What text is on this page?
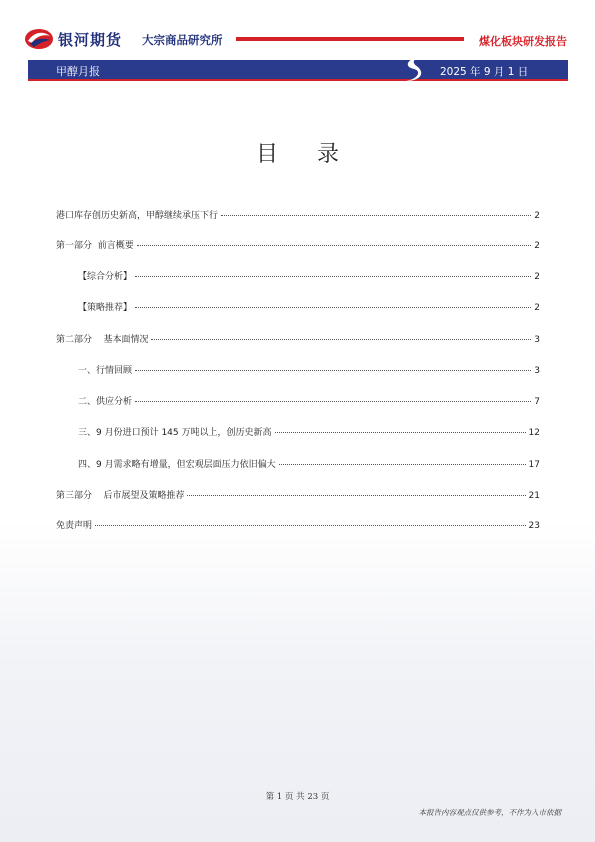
银河期货 大宗商品研究所	煤化板块研发报告
甲醇月报	2025 年 9 月 1 日
目 录
港口库存创历史新高，甲醇继续承压下行	2
第一部分  前言概要	2
【综合分析】	2
【策略推荐】	2
第二部分    基本面情况	3
一、行情回顾	3
二、供应分析	7
三、9 月份进口预计 145 万吨以上，创历史新高	12
四、9 月需求略有增量，但宏观层面压力依旧偏大	17
第三部分    后市展望及策略推荐	21
免责声明	23
第 1 页 共 23 页
本报告内容观点仅供参考，不作为入市依据
